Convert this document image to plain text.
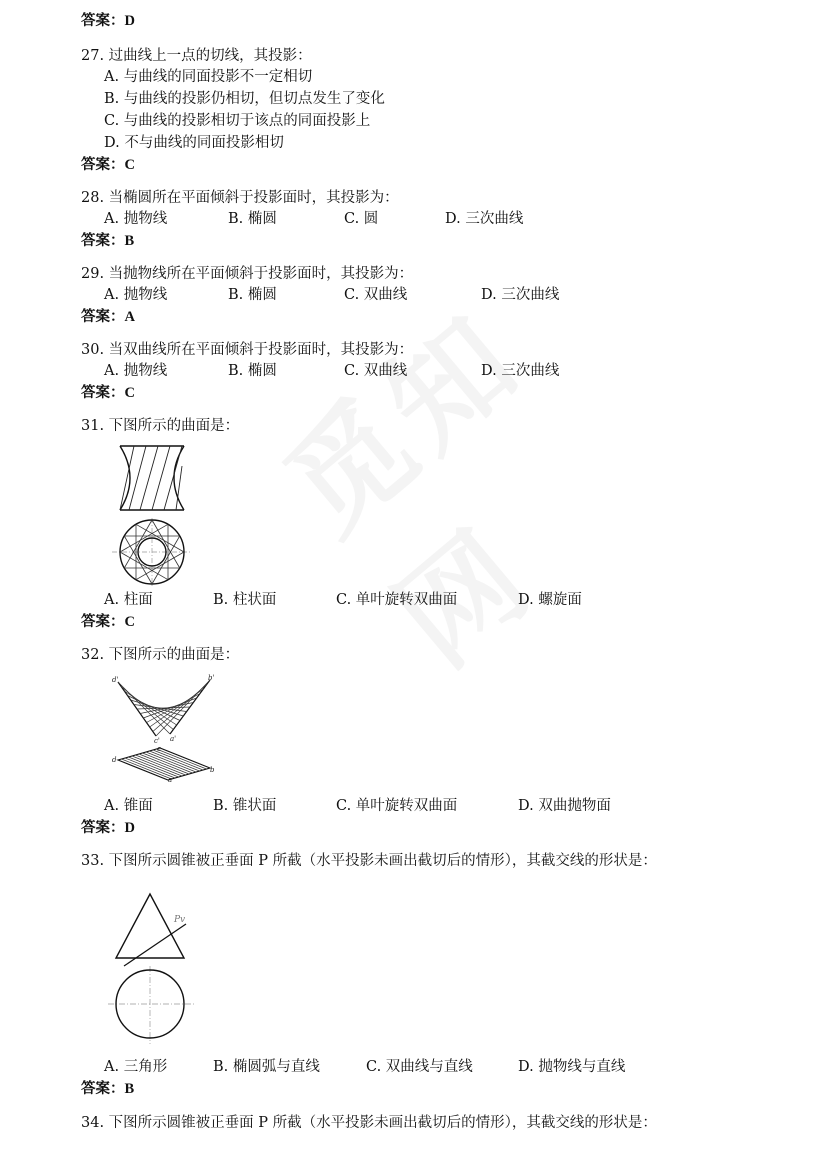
答案：D
27. 过曲线上一点的切线，其投影：
A. 与曲线的同面投影不一定相切
B. 与曲线的投影仍相切，但切点发生了变化
C. 与曲线的投影相切于该点的同面投影上
D. 不与曲线的同面投影相切
答案：C
28. 当椭圆所在平面倾斜于投影面时，其投影为：
A. 抛物线	B. 椭圆	C. 圆	D. 三次曲线
答案：B
29. 当抛物线所在平面倾斜于投影面时，其投影为：
A. 抛物线	B. 椭圆	C. 双曲线	D. 三次曲线
答案：A
30. 当双曲线所在平面倾斜于投影面时，其投影为：
A. 抛物线	B. 椭圆	C. 双曲线	D. 三次曲线
答案：C
31. 下图所示的曲面是：
A. 柱面	B. 柱状面	C. 单叶旋转双曲面	D. 螺旋面
答案：C
32. 下图所示的曲面是：
d'	b'
c' a'
d
c
b
a
A. 锥面	B. 锥状面	C. 单叶旋转双曲面	D. 双曲抛物面
答案：D
33. 下图所示圆锥被正垂面 P 所截（水平投影未画出截切后的情形），其截交线的形状是：
Pv
A. 三角形	B. 椭圆弧与直线	C. 双曲线与直线	D. 抛物线与直线
答案：B
34. 下图所示圆锥被正垂面 P 所截（水平投影未画出截切后的情形），其截交线的形状是：
